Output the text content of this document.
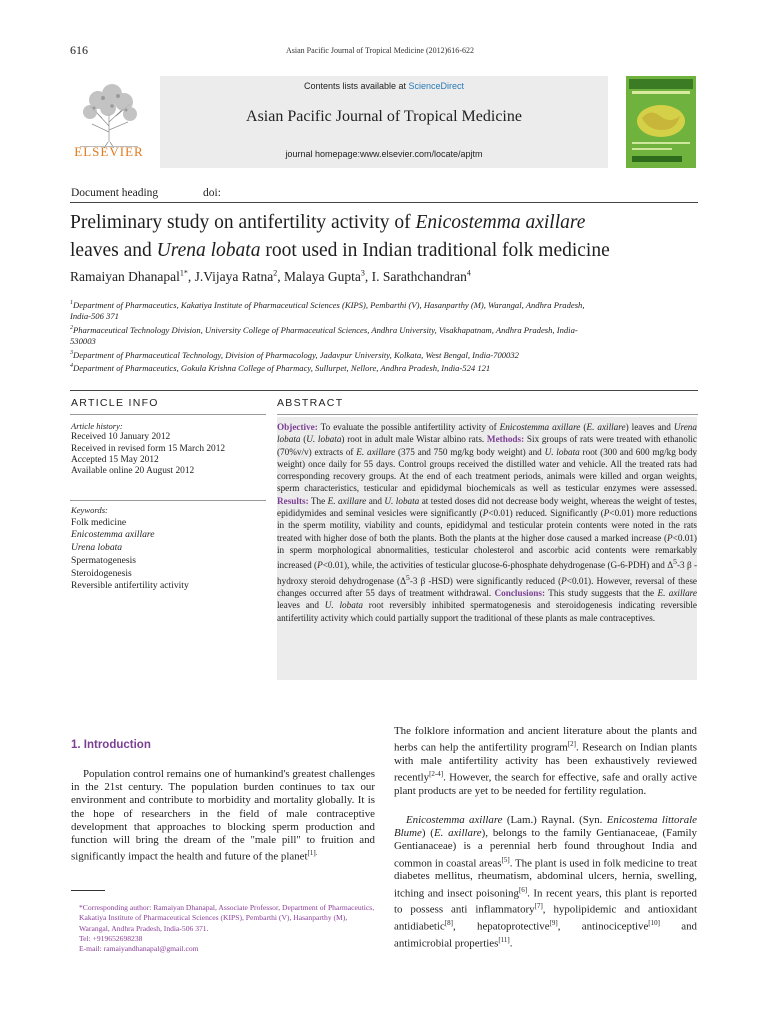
616	Asian Pacific Journal of Tropical Medicine (2012)616-622
Contents lists available at ScienceDirect
Asian Pacific Journal of Tropical Medicine
journal homepage:www.elsevier.com/locate/apjtm
ELSEVIER
Document heading	doi:
Preliminary study on antifertility activity of Enicostemma axillare
leaves and Urena lobata root used in Indian traditional folk medicine
Ramaiyan Dhanapal$^{1*}$, J.Vijaya Ratna$^2$, Malaya Gupta$^3$, I. Sarathchandran$^4$
$^1$Department of Pharmaceutics, Kakatiya Institute of Pharmaceutical Sciences (KIPS), Pembarthi (V), Hasanparthy (M), Warangal, Andhra Pradesh,
India-506 371
$^2$Pharmaceutical Technology Division, University College of Pharmaceutical Sciences, Andhra University, Visakhapatnam, Andhra Pradesh, India-
530003
$^3$Department of Pharmaceutical Technology, Division of Pharmacology, Jadavpur University, Kolkata, West Bengal, India-700032
$^4$Department of Pharmaceutics, Gokula Krishna College of Pharmacy, Sullurpet, Nellore, Andhra Pradesh, India-524 121
ARTICLE INFO	ABSTRACT
Article history:
Received 10 January 2012
Received in revised form 15 March 2012
Accepted 15 May 2012
Available online 20 August 2012
Keywords:
Folk medicine
Enicostemma axillare
Urena lobata
Spermatogenesis
Steroidogenesis
Reversible antifertility activity
Objective: To evaluate the possible antifertility activity of Enicostemma axillare (E. axillare) leaves and Urena lobata (U. lobata) root in adult male Wistar albino rats. Methods: Six groups of rats were treated with ethanolic (70%v/v) extracts of E. axillare (375 and 750 mg/kg body weight) and U. lobata root (300 and 600 mg/kg body weight) once daily for 55 days. Control groups received the distilled water and vehicle. All the treated rats had corresponding recovery groups. At the end of each treatment periods, animals were killed and organ weights, sperm characteristics, testicular and epididymal biochemicals as well as testicular enzymes were assessed. Results: The E. axillare and U. lobata at tested doses did not decrease body weight, whereas the weight of testes, epididymides and seminal vesicles were significantly (P<0.01) reduced. Significantly (P<0.01) more reductions in the sperm motility, viability and counts, epididymal and testicular protein contents were noted in the rats treated with higher dose of both the plants. Both the plants at the higher dose caused a marked increase (P<0.01) in sperm morphological abnormalities, testicular cholesterol and ascorbic acid contents were remarkably increased (P<0.01), while, the activities of testicular glucose-6-phosphate dehydrogenase (G-6-PDH) and $\Delta^5-3$ β -hydroxy steroid dehydrogenase ($\Delta^5-3$ β -HSD) were significantly reduced (P<0.01). However, reversal of these changes occurred after 55 days of treatment withdrawal. Conclusions: This study suggests that the E. axillare leaves and U. lobata root reversibly inhibited spermatogenesis and steroidogenesis indicating reversible antifertility activity which could partially support the traditional of these plants as male contraceptives.
1. Introduction
Population control remains one of humankind's greatest challenges in the 21st century. The population burden continues to tax our environment and contribute to morbidity and mortality globally. It is the hope of researchers in the field of male contraceptive development that approaches to blocking sperm production and function will bring the dream of the "male pill" to fruition and significantly impact the health and future of the planet$^{[1].}$
*Corresponding author: Ramaiyan Dhanapal, Associate Professor, Department of Pharmaceutics, Kakatiya Institute of Pharmaceutical Sciences (KIPS), Pembarthi (V), Hasanparthy (M), Warangal, Andhra Pradesh, India-506 371.
Tel: +919652698238
E-mail: ramaiyandhanapal@gmail.com
The folklore information and ancient literature about the plants and herbs can help the antifertility program[2]. Research on Indian plants with male antifertility activity has been exhaustively reviewed recently[2-4]. However, the search for effective, safe and orally active plant products are yet to be needed for fertility regulation.
Enicostemma axillare (Lam.) Raynal. (Syn. Enicostema littorale Blume) (E. axillare), belongs to the family Gentianaceae, (Family Gentianaceae) is a perennial herb found throughout India and common in coastal areas[5]. The plant is used in folk medicine to treat diabetes mellitus, rheumatism, abdominal ulcers, hernia, swelling, itching and insect poisoning[6]. In recent years, this plant is reported to possess anti inflammatory[7], hypolipidemic and antioxidant antidiabetic[8], hepatoprotective[9], antinociceptive[10] and antimicrobial properties[11].
